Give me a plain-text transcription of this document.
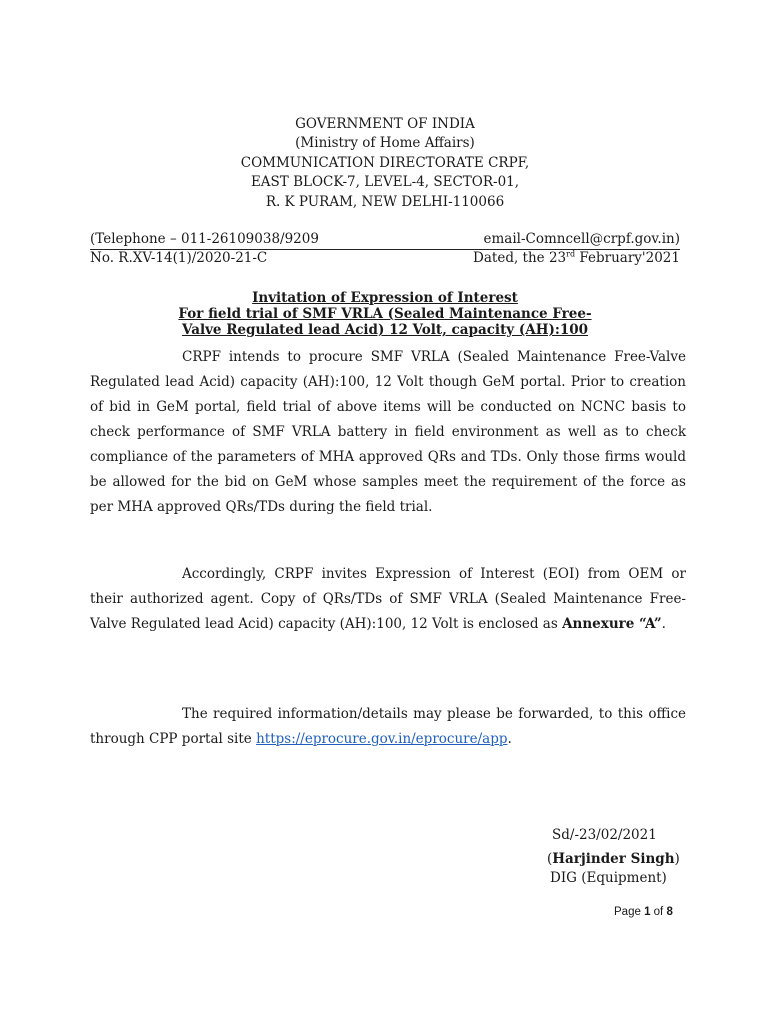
GOVERNMENT OF INDIA
(Ministry of Home Affairs)
COMMUNICATION DIRECTORATE CRPF,
EAST BLOCK-7, LEVEL-4, SECTOR-01,
R. K PURAM, NEW DELHI-110066
(Telephone – 011-26109038/9209	email-Comncell@crpf.gov.in)
No. R.XV-14(1)/2020-21-C	Dated, the 23rd February'2021
Invitation of Expression of Interest
For field trial of SMF VRLA (Sealed Maintenance Free-
Valve Regulated lead Acid) 12 Volt, capacity (AH):100

CRPF intends to procure SMF VRLA (Sealed Maintenance Free-Valve Regulated lead Acid) capacity (AH):100, 12 Volt though GeM portal. Prior to creation of bid in GeM portal, field trial of above items will be conducted on NCNC basis to check performance of SMF VRLA battery in field environment as well as to check compliance of the parameters of MHA approved QRs and TDs. Only those firms would be allowed for the bid on GeM whose samples meet the requirement of the force as per MHA approved QRs/TDs during the field trial.

Accordingly, CRPF invites Expression of Interest (EOI) from OEM or their authorized agent. Copy of QRs/TDs of SMF VRLA (Sealed Maintenance Free-Valve Regulated lead Acid) capacity (AH):100, 12 Volt is enclosed as Annexure “A”.

The required information/details may please be forwarded, to this office through CPP portal site https://eprocure.gov.in/eprocure/app.

Sd/-23/02/2021
(Harjinder Singh)
DIG (Equipment)
Page 1 of 8
